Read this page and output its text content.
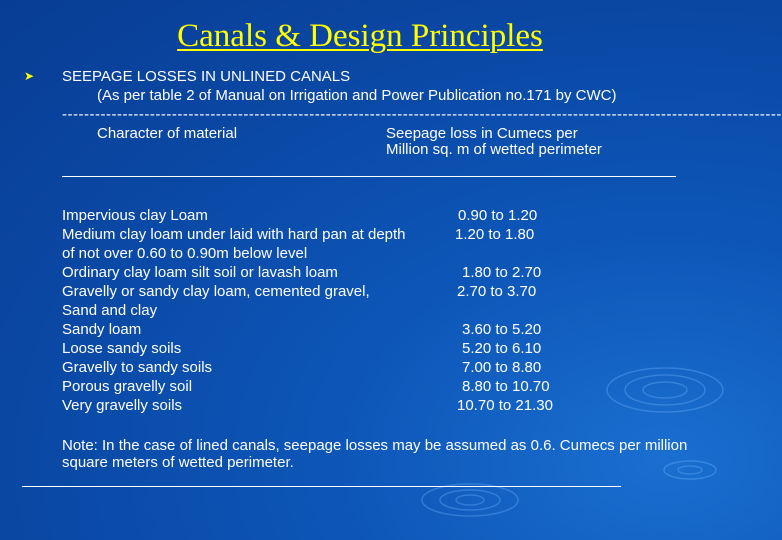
Canals & Design Principles
➤ SEEPAGE LOSSES IN UNLINED CANALS
(As per table 2 of Manual on Irrigation and Power Publication no.171 by CWC)
-----------------------------------------------------------------------------------------------------------------------------------
Character of material	Seepage loss in Cumecs per
Million sq. m of wetted perimeter
Impervious clay Loam	0.90 to 1.20
Medium clay loam under laid with hard pan at depth	1.20 to 1.80
of not over 0.60 to 0.90m below level
Ordinary clay loam silt soil or lavash loam	1.80 to 2.70
Gravelly or sandy clay loam, cemented gravel,	2.70 to 3.70
Sand and clay
Sandy loam	3.60 to 5.20
Loose sandy soils	5.20 to 6.10
Gravelly to sandy soils	7.00 to 8.80
Porous gravelly soil	8.80 to 10.70
Very gravelly soils	10.70 to 21.30
Note: In the case of lined canals, seepage losses may be assumed as 0.6. Cumecs per million square meters of wetted perimeter.
